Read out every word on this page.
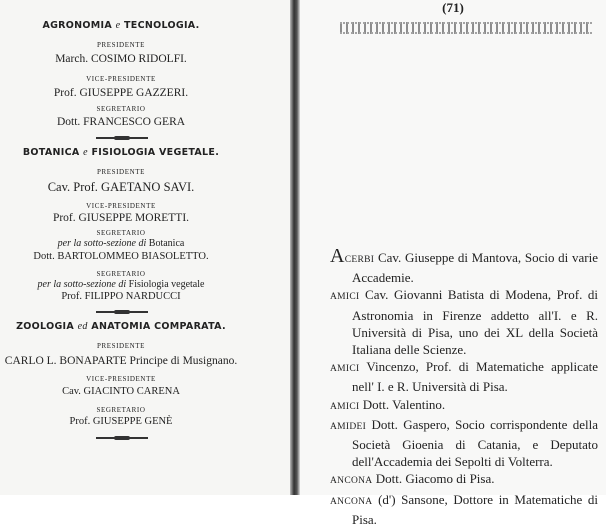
AGRONOMIA e TECNOLOGIA.
PRESIDENTE
March. COSIMO RIDOLFI.
VICE-PRESIDENTE
Prof. GIUSEPPE GAZZERI.
SEGRETARIO
Dott. FRANCESCO GERA
BOTANICA e FISIOLOGIA VEGETALE.
PRESIDENTE
Cav. Prof. GAETANO SAVI.
VICE-PRESIDENTE
Prof. GIUSEPPE MORETTI.
SEGRETARIO
per la sotto-sezione di Botanica
Dott. BARTOLOMMEO BIASOLETTO.
SEGRETARIO
per la sotto-sezione di Fisiologia vegetale
Prof. FILIPPO NARDUCCI
ZOOLOGIA ed ANATOMIA COMPARATA.
PRESIDENTE
CARLO L. BONAPARTE Principe di Musignano.
VICE-PRESIDENTE
Cav. GIACINTO CARENA
SEGRETARIO
Prof. GIUSEPPE GENÈ
(71)

ACERBI Cav. Giuseppe di Mantova, Socio di varie Accademie.

AMICI Cav. Giovanni Batista di Modena, Prof. di Astronomia in Firenze addetto all'I. e R. Università di Pisa, uno dei XL della Società Italiana delle Scienze.

AMICI Vincenzo, Prof. di Matematiche applicate nell' I. e R. Università di Pisa.

AMICI Dott. Valentino.

AMIDEI Dott. Gaspero, Socio corrispondente della Società Gioenia di Catania, e Deputato dell'Accademia dei Sepolti di Volterra.

ANCONA Dott. Giacomo di Pisa.

ANCONA (d') Sansone, Dottore in Matematiche di Pisa.
